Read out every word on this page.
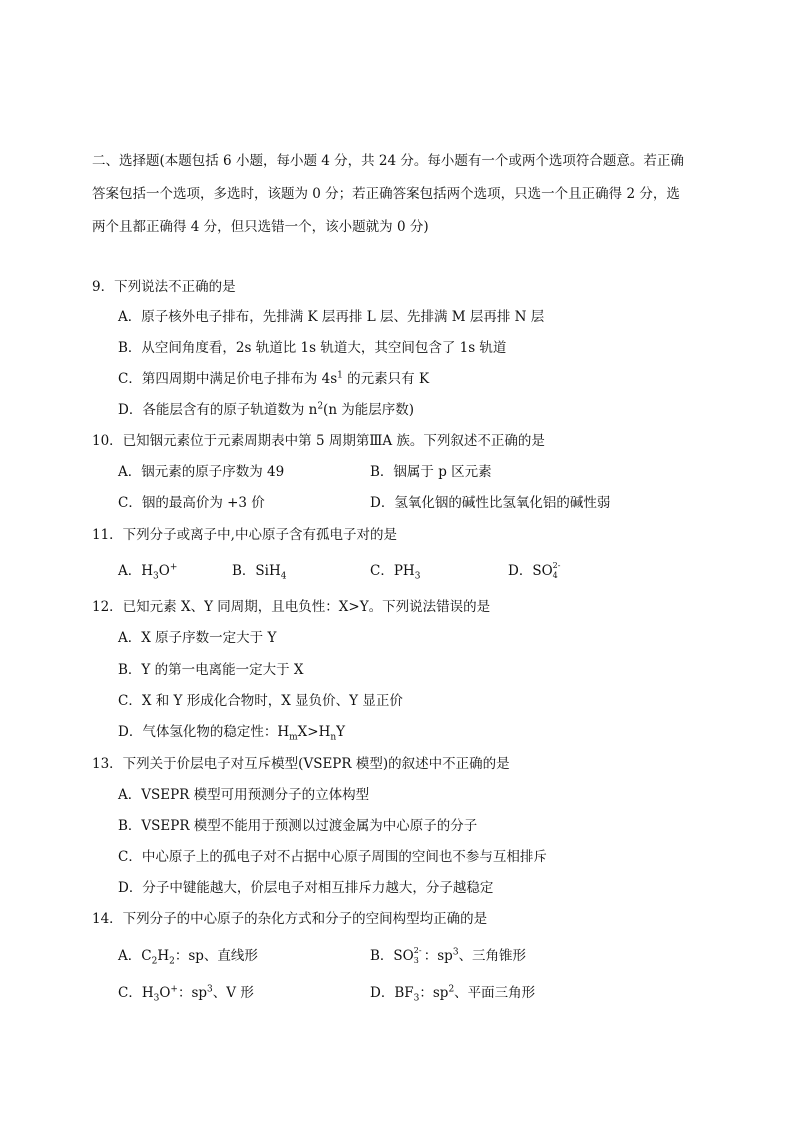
二、选择题(本题包括 6 小题，每小题 4 分，共 24 分。每小题有一个或两个选项符合题意。若正确
答案包括一个选项，多选时，该题为 0 分；若正确答案包括两个选项，只选一个且正确得 2 分，选
两个且都正确得 4 分，但只选错一个，该小题就为 0 分)
9．下列说法不正确的是
A．原子核外电子排布，先排满 K 层再排 L 层、先排满 M 层再排 N 层
B．从空间角度看，2s 轨道比 1s 轨道大，其空间包含了 1s 轨道
C．第四周期中满足价电子排布为 $4s^1$ 的元素只有 K
D．各能层含有的原子轨道数为 $n^2(n$ 为能层序数)
10．已知铟元素位于元素周期表中第 5 周期第ⅢA 族。下列叙述不正确的是
A．铟元素的原子序数为 49	B．铟属于 p 区元素
C．铟的最高价为 +3 价	D．氢氧化铟的碱性比氢氧化铝的碱性弱
11．下列分子或离子中,中心原子含有孤电子对的是
A．$H_3O^+$	B．SiH$_4$	C．$PH_3$	D．SO 2-
4
12．已知元素 X、Y 同周期，且电负性：X>Y。下列说法错误的是
A．X 原子序数一定大于 Y
B．Y 的第一电离能一定大于 X
C．X 和 Y 形成化合物时，X 显负价、Y 显正价
D．气体氢化物的稳定性：$H_mX>H_nY$
13．下列关于价层电子对互斥模型(VSEPR 模型)的叙述中不正确的是
A．VSEPR 模型可用预测分子的立体构型
B．VSEPR 模型不能用于预测以过渡金属为中心原子的分子
C．中心原子上的孤电子对不占据中心原子周围的空间也不参与互相排斥
D．分子中键能越大，价层电子对相互排斥力越大，分子越稳定
14．下列分子的中心原子的杂化方式和分子的空间构型均正确的是
A．$C_2H_2$：sp、直线形	B．SO 2-
3 ：$sp^3$、三角锥形
C．$H_3O^+$：$sp^3$、V 形	D．$BF_3$：$sp^2$、平面三角形
